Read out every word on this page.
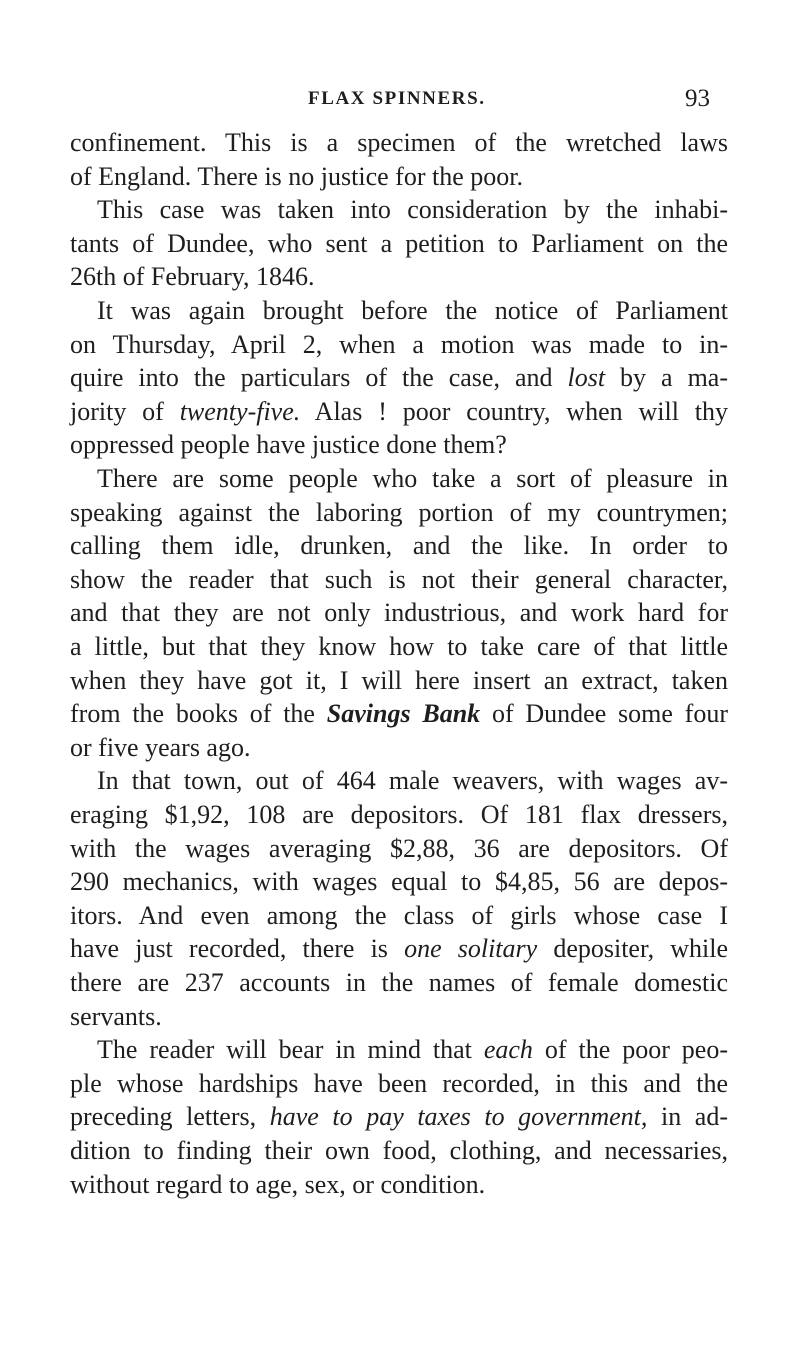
FLAX SPINNERS.	93
confinement. This is a specimen of the wretched laws
of England. There is no justice for the poor.
This case was taken into consideration by the inhabi-
tants of Dundee, who sent a petition to Parliament on the
26th of February, 1846.
It was again brought before the notice of Parliament
on Thursday, April 2, when a motion was made to in-
quire into the particulars of the case, and lost by a ma-
jority of twenty-five. Alas ! poor country, when will thy
oppressed people have justice done them?
There are some people who take a sort of pleasure in
speaking against the laboring portion of my countrymen;
calling them idle, drunken, and the like. In order to
show the reader that such is not their general character,
and that they are not only industrious, and work hard for
a little, but that they know how to take care of that little
when they have got it, I will here insert an extract, taken
from the books of the Savings Bank of Dundee some four
or five years ago.
In that town, out of 464 male weavers, with wages av-
eraging $1,92, 108 are depositors. Of 181 flax dressers,
with the wages averaging $2,88, 36 are depositors. Of
290 mechanics, with wages equal to $4,85, 56 are depos-
itors. And even among the class of girls whose case I
have just recorded, there is one solitary depositer, while
there are 237 accounts in the names of female domestic
servants.
The reader will bear in mind that each of the poor peo-
ple whose hardships have been recorded, in this and the
preceding letters, have to pay taxes to government, in ad-
dition to finding their own food, clothing, and necessaries,
without regard to age, sex, or condition.
